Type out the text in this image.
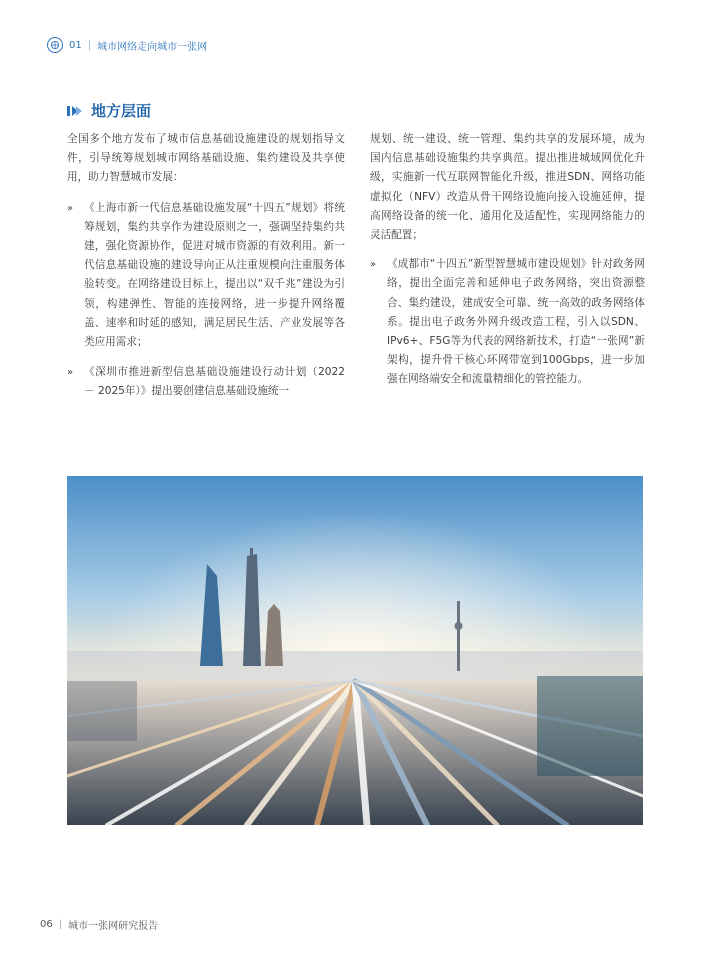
01 | 城市网络走向城市一张网
地方层面

全国多个地方发布了城市信息基础设施建设的规划指导文件，引导统筹规划城市网络基础设施、集约建设及共享使用，助力智慧城市发展：

» 《上海市新一代信息基础设施发展“十四五”规划》将统筹规划，集约共享作为建设原则之一，强调坚持集约共建，强化资源协作，促进对城市资源的有效利用。新一代信息基础设施的建设导向正从注重规模向注重服务体验转变。在网络建设目标上，提出以“双千兆”建设为引领，构建弹性、智能的连接网络，进一步提升网络覆盖、速率和时延的感知，满足居民生活、产业发展等各类应用需求；

» 《深圳市推进新型信息基础设施建设行动计划（2022 － 2025年）》提出要创建信息基础设施统一

规划、统一建设、统一管理、集约共享的发展环境，成为国内信息基础设施集约共享典范。提出推进城域网优化升级，实施新一代互联网智能化升级，推进SDN、网络功能虚拟化（NFV）改造从骨干网络设施向接入设施延伸，提高网络设备的统一化、通用化及适配性，实现网络能力的灵活配置；

» 《成都市“十四五”新型智慧城市建设规划》针对政务网络，提出全面完善和延伸电子政务网络，突出资源整合、集约建设，建成安全可靠、统一高效的政务网络体系。提出电子政务外网升级改造工程，引入以SDN、IPv6+、F5G等为代表的网络新技术，打造“一张网”新架构，提升骨干核心环网带宽到100Gbps，进一步加强在网络端安全和流量精细化的管控能力。

06 | 城市一张网研究报告
